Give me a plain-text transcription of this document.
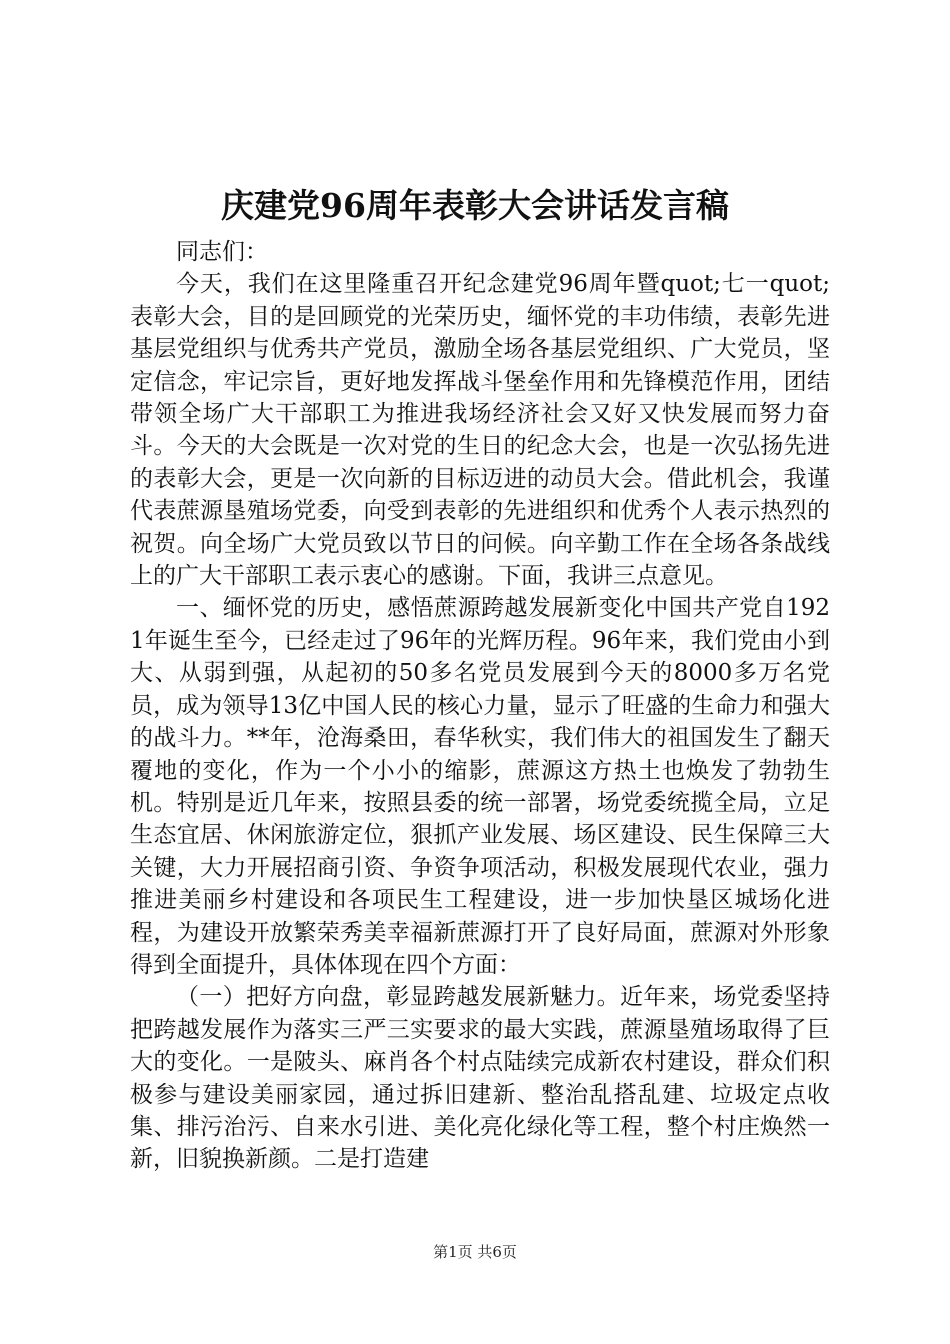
庆建党96周年表彰大会讲话发言稿

同志们：

今天，我们在这里隆重召开纪念建党96周年暨quot;七一quot;表彰大会，目的是回顾党的光荣历史，缅怀党的丰功伟绩，表彰先进基层党组织与优秀共产党员，激励全场各基层党组织、广大党员，坚定信念，牢记宗旨，更好地发挥战斗堡垒作用和先锋模范作用，团结带领全场广大干部职工为推进我场经济社会又好又快发展而努力奋斗。今天的大会既是一次对党的生日的纪念大会，也是一次弘扬先进的表彰大会，更是一次向新的目标迈进的动员大会。借此机会，我谨代表蔗源垦殖场党委，向受到表彰的先进组织和优秀个人表示热烈的祝贺。向全场广大党员致以节日的问候。向辛勤工作在全场各条战线上的广大干部职工表示衷心的感谢。下面，我讲三点意见。

一、缅怀党的历史，感悟蔗源跨越发展新变化中国共产党自1921年诞生至今，已经走过了96年的光辉历程。96年来，我们党由小到大、从弱到强，从起初的50多名党员发展到今天的8000多万名党员，成为领导13亿中国人民的核心力量，显示了旺盛的生命力和强大的战斗力。**年，沧海桑田，春华秋实，我们伟大的祖国发生了翻天覆地的变化，作为一个小小的缩影，蔗源这方热土也焕发了勃勃生机。特别是近几年来，按照县委的统一部署，场党委统揽全局，立足生态宜居、休闲旅游定位，狠抓产业发展、场区建设、民生保障三大关键，大力开展招商引资、争资争项活动，积极发展现代农业，强力推进美丽乡村建设和各项民生工程建设，进一步加快垦区城场化进程，为建设开放繁荣秀美幸福新蔗源打开了良好局面，蔗源对外形象得到全面提升，具体体现在四个方面：

（一）把好方向盘，彰显跨越发展新魅力。近年来，场党委坚持把跨越发展作为落实三严三实要求的最大实践，蔗源垦殖场取得了巨大的变化。一是陂头、麻肖各个村点陆续完成新农村建设，群众们积极参与建设美丽家园，通过拆旧建新、整治乱搭乱建、垃圾定点收集、排污治污、自来水引进、美化亮化绿化等工程，整个村庄焕然一新，旧貌换新颜。二是打造建

第1页 共6页
